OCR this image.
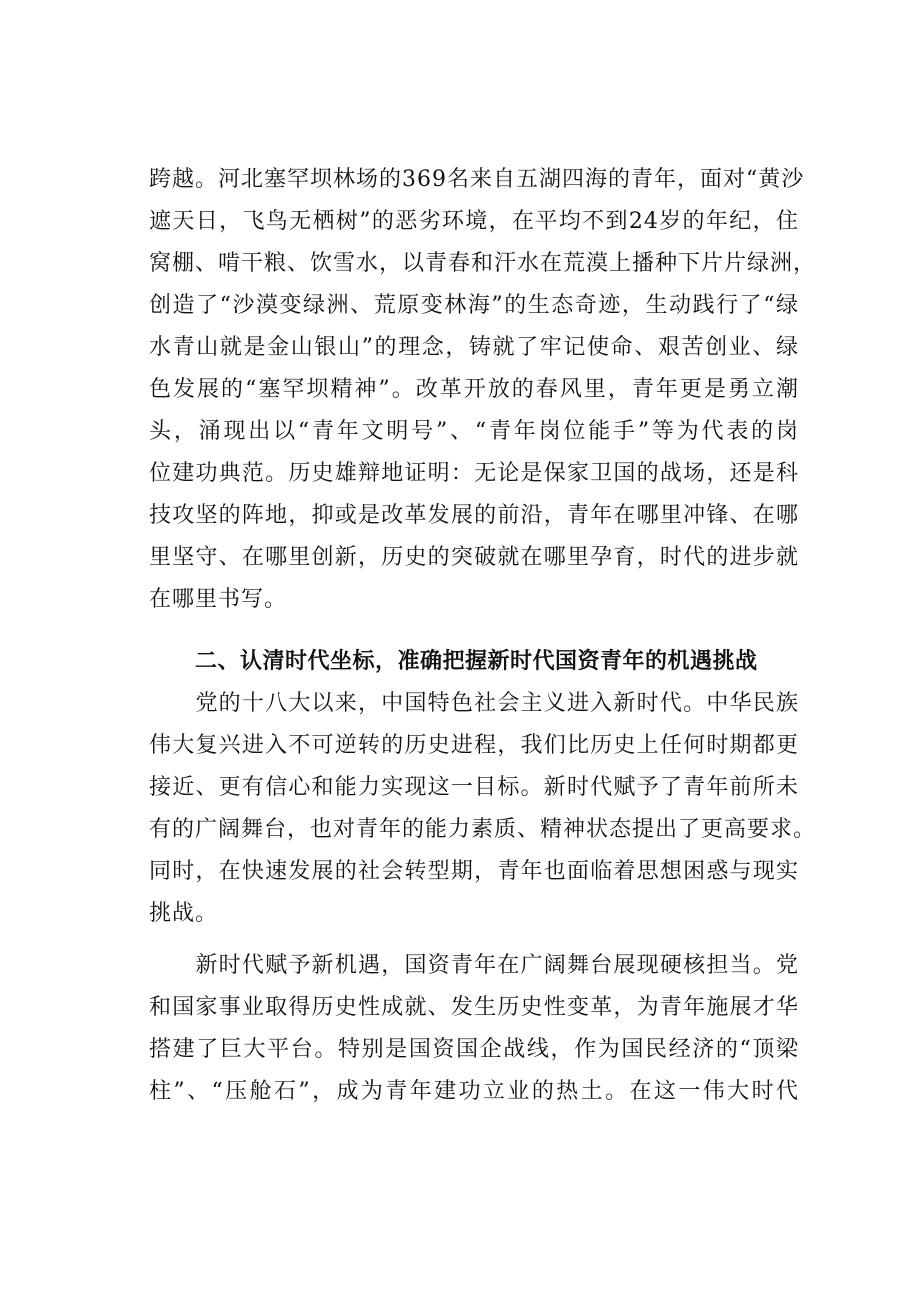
跨越。河北塞罕坝林场的369名来自五湖四海的青年，面对“黄沙
遮天日，飞鸟无栖树”的恶劣环境，在平均不到24岁的年纪，住
窝棚、啃干粮、饮雪水，以青春和汗水在荒漠上播种下片片绿洲，
创造了“沙漠变绿洲、荒原变林海”的生态奇迹，生动践行了“绿
水青山就是金山银山”的理念，铸就了牢记使命、艰苦创业、绿
色发展的“塞罕坝精神”。改革开放的春风里，青年更是勇立潮
头，涌现出以“青年文明号”、“青年岗位能手”等为代表的岗
位建功典范。历史雄辩地证明：无论是保家卫国的战场，还是科
技攻坚的阵地，抑或是改革发展的前沿，青年在哪里冲锋、在哪
里坚守、在哪里创新，历史的突破就在哪里孕育，时代的进步就
在哪里书写。
二、认清时代坐标，准确把握新时代国资青年的机遇挑战
　　党的十八大以来，中国特色社会主义进入新时代。中华民族
伟大复兴进入不可逆转的历史进程，我们比历史上任何时期都更
接近、更有信心和能力实现这一目标。新时代赋予了青年前所未
有的广阔舞台，也对青年的能力素质、精神状态提出了更高要求。
同时，在快速发展的社会转型期，青年也面临着思想困惑与现实
挑战。
　　新时代赋予新机遇，国资青年在广阔舞台展现硬核担当。党
和国家事业取得历史性成就、发生历史性变革，为青年施展才华
搭建了巨大平台。特别是国资国企战线，作为国民经济的“顶梁
柱”、“压舱石”，成为青年建功立业的热土。在这一伟大时代
